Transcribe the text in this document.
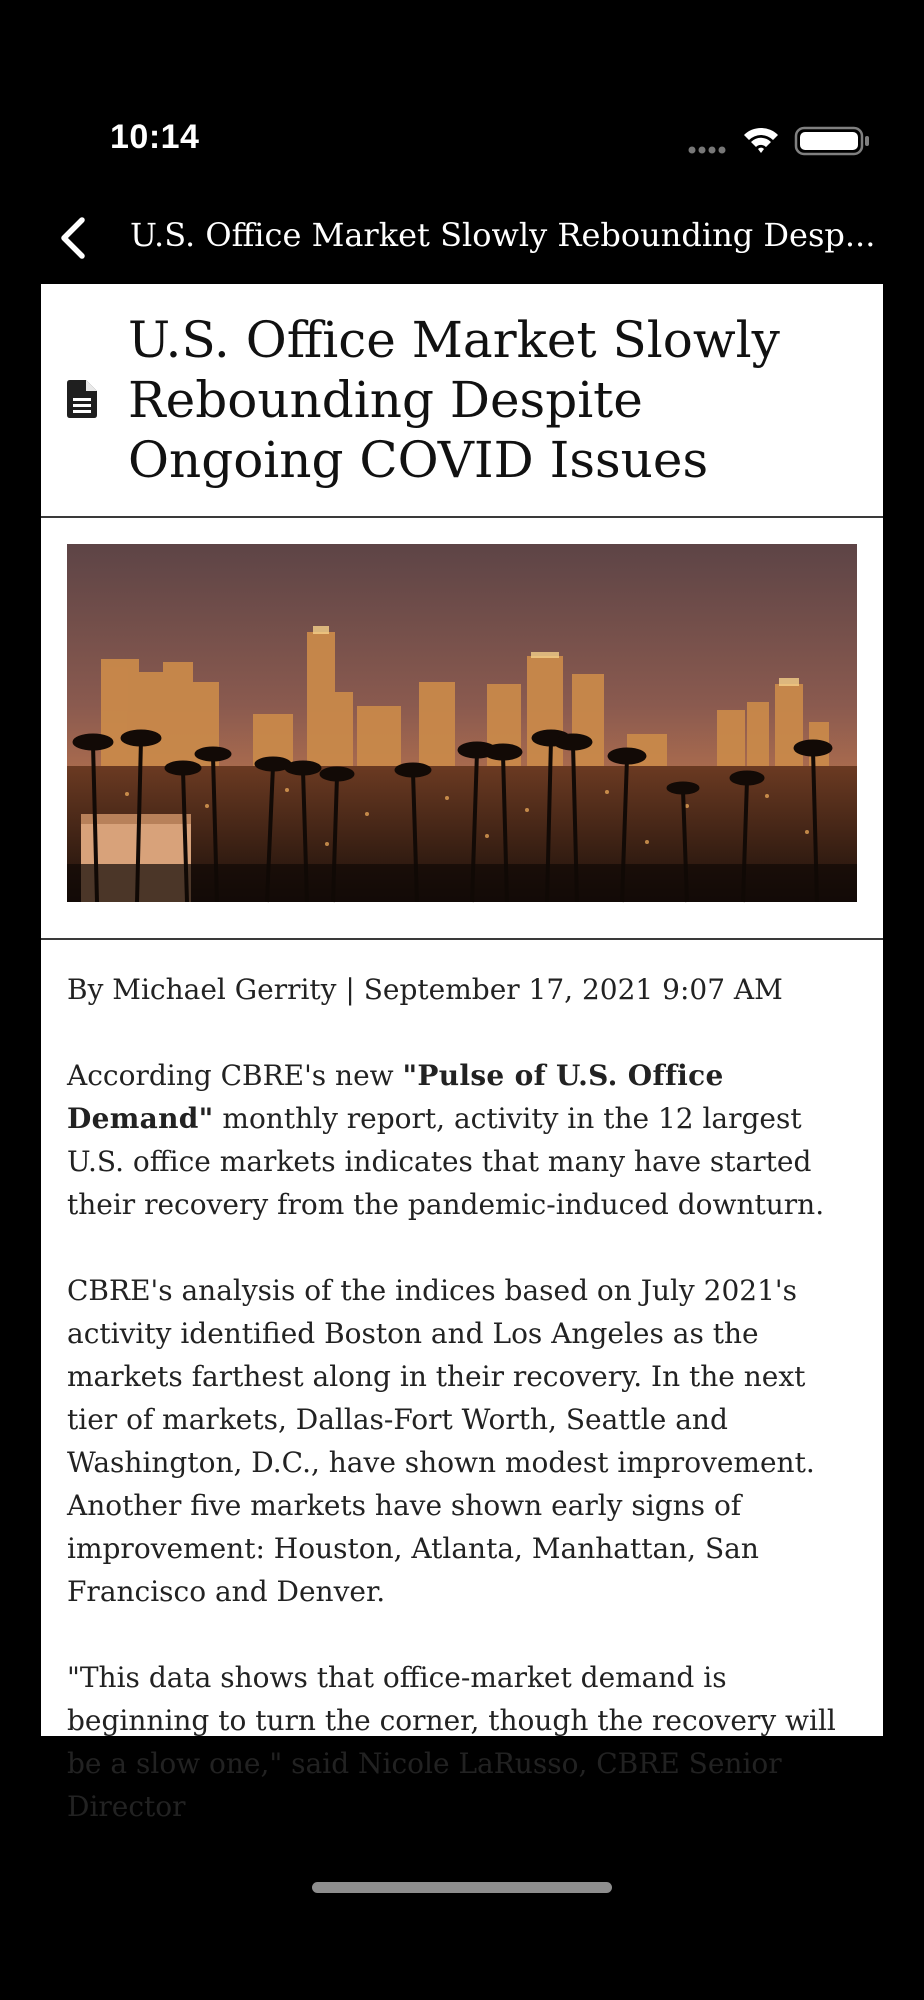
10:14
U.S. Office Market Slowly Rebounding Desp...
U.S. Office Market Slowly Rebounding Despite Ongoing COVID Issues

By Michael Gerrity | September 17, 2021 9:07 AM

According CBRE's new "Pulse of U.S. Office Demand" monthly report, activity in the 12 largest U.S. office markets indicates that many have started their recovery from the pandemic-induced downturn.

CBRE's analysis of the indices based on July 2021's activity identified Boston and Los Angeles as the markets farthest along in their recovery. In the next tier of markets, Dallas-Fort Worth, Seattle and Washington, D.C., have shown modest improvement. Another five markets have shown early signs of improvement: Houston, Atlanta, Manhattan, San Francisco and Denver.

"This data shows that office-market demand is beginning to turn the corner, though the recovery will be a slow one," said Nicole LaRusso, CBRE Senior Director
